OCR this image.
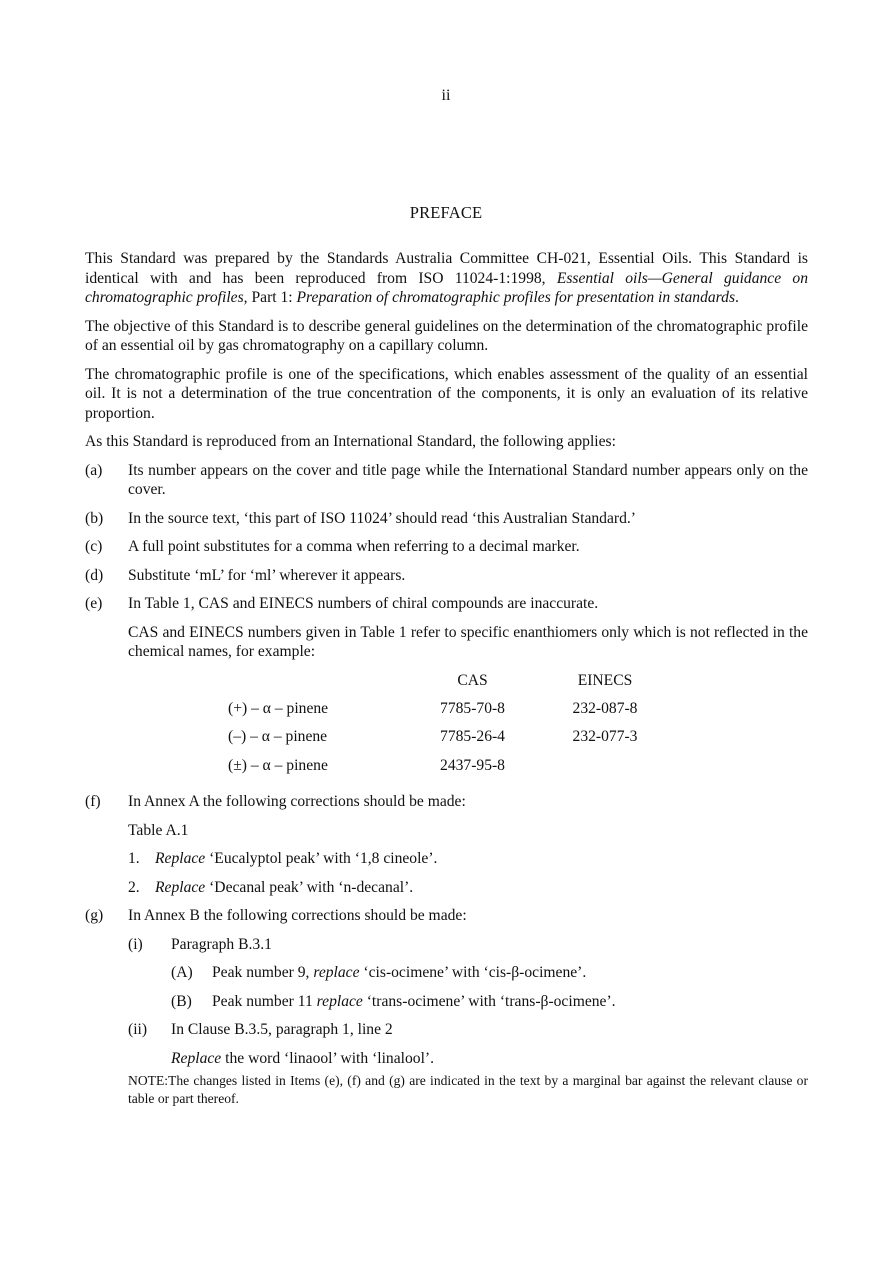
ii
PREFACE

This Standard was prepared by the Standards Australia Committee CH-021, Essential Oils. This Standard is identical with and has been reproduced from ISO 11024-1:1998, Essential oils—General guidance on chromatographic profiles, Part 1: Preparation of chromatographic profiles for presentation in standards.

The objective of this Standard is to describe general guidelines on the determination of the chromatographic profile of an essential oil by gas chromatography on a capillary column.

The chromatographic profile is one of the specifications, which enables assessment of the quality of an essential oil. It is not a determination of the true concentration of the components, it is only an evaluation of its relative proportion.

As this Standard is reproduced from an International Standard, the following applies:

(a) Its number appears on the cover and title page while the International Standard number appears only on the cover.
(b) In the source text, ‘this part of ISO 11024’ should read ‘this Australian Standard.’
(c) A full point substitutes for a comma when referring to a decimal marker.
(d) Substitute ‘mL’ for ‘ml’ wherever it appears.
(e) In Table 1, CAS and EINECS numbers of chiral compounds are inaccurate.

CAS and EINECS numbers given in Table 1 refer to specific enanthiomers only which is not reflected in the chemical names, for example:

	CAS	EINECS
(+) – α – pinene	7785-70-8	232-087-8
(–) – α – pinene	7785-26-4	232-077-3
(±) – α – pinene	2437-95-8	
(f) In Annex A the following corrections should be made:
Table A.1
1. Replace ‘Eucalyptol peak’ with ‘1,8 cineole’.
2. Replace ‘Decanal peak’ with ‘n-decanal’.
(g) In Annex B the following corrections should be made:
(i) Paragraph B.3.1
(A) Peak number 9, replace ‘cis-ocimene’ with ‘cis-β-ocimene’.
(B) Peak number 11 replace ‘trans-ocimene’ with ‘trans-β-ocimene’.
(ii) In Clause B.3.5, paragraph 1, line 2
Replace the word ‘linaool’ with ‘linalool’.
NOTE:The changes listed in Items (e), (f) and (g) are indicated in the text by a marginal bar against the relevant clause or table or part thereof.
